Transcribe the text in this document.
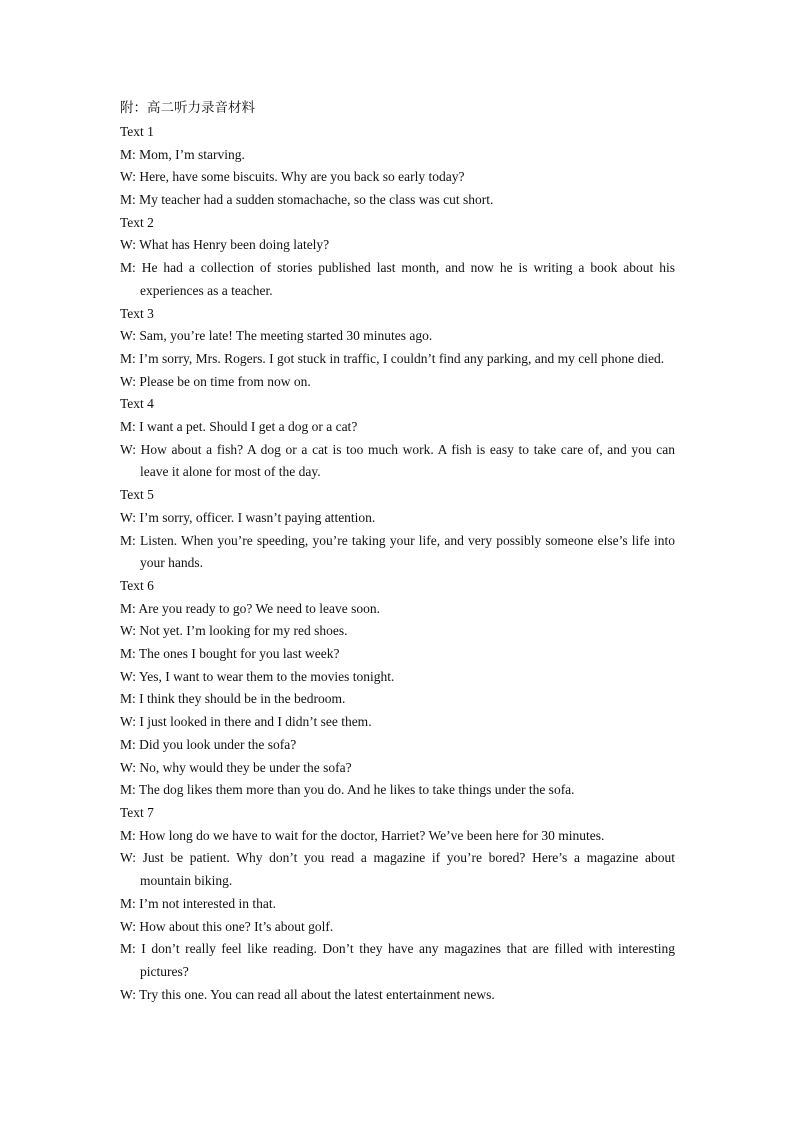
附：高二听力录音材料
Text 1
M: Mom, I’m starving.
W: Here, have some biscuits. Why are you back so early today?
M: My teacher had a sudden stomachache, so the class was cut short.
Text 2
W: What has Henry been doing lately?
M: He had a collection of stories published last month, and now he is writing a book about his experiences as a teacher.
Text 3
W: Sam, you’re late! The meeting started 30 minutes ago.
M: I’m sorry, Mrs. Rogers. I got stuck in traffic, I couldn’t find any parking, and my cell phone died.
W: Please be on time from now on.
Text 4
M: I want a pet. Should I get a dog or a cat?
W: How about a fish? A dog or a cat is too much work. A fish is easy to take care of, and you can leave it alone for most of the day.
Text 5
W: I’m sorry, officer. I wasn’t paying attention.
M: Listen. When you’re speeding, you’re taking your life, and very possibly someone else’s life into your hands.
Text 6
M: Are you ready to go? We need to leave soon.
W: Not yet. I’m looking for my red shoes.
M: The ones I bought for you last week?
W: Yes, I want to wear them to the movies tonight.
M: I think they should be in the bedroom.
W: I just looked in there and I didn’t see them.
M: Did you look under the sofa?
W: No, why would they be under the sofa?
M: The dog likes them more than you do. And he likes to take things under the sofa.
Text 7
M: How long do we have to wait for the doctor, Harriet? We’ve been here for 30 minutes.
W: Just be patient. Why don’t you read a magazine if you’re bored? Here’s a magazine about mountain biking.
M: I’m not interested in that.
W: How about this one? It’s about golf.
M: I don’t really feel like reading. Don’t they have any magazines that are filled with interesting pictures?
W: Try this one. You can read all about the latest entertainment news.
